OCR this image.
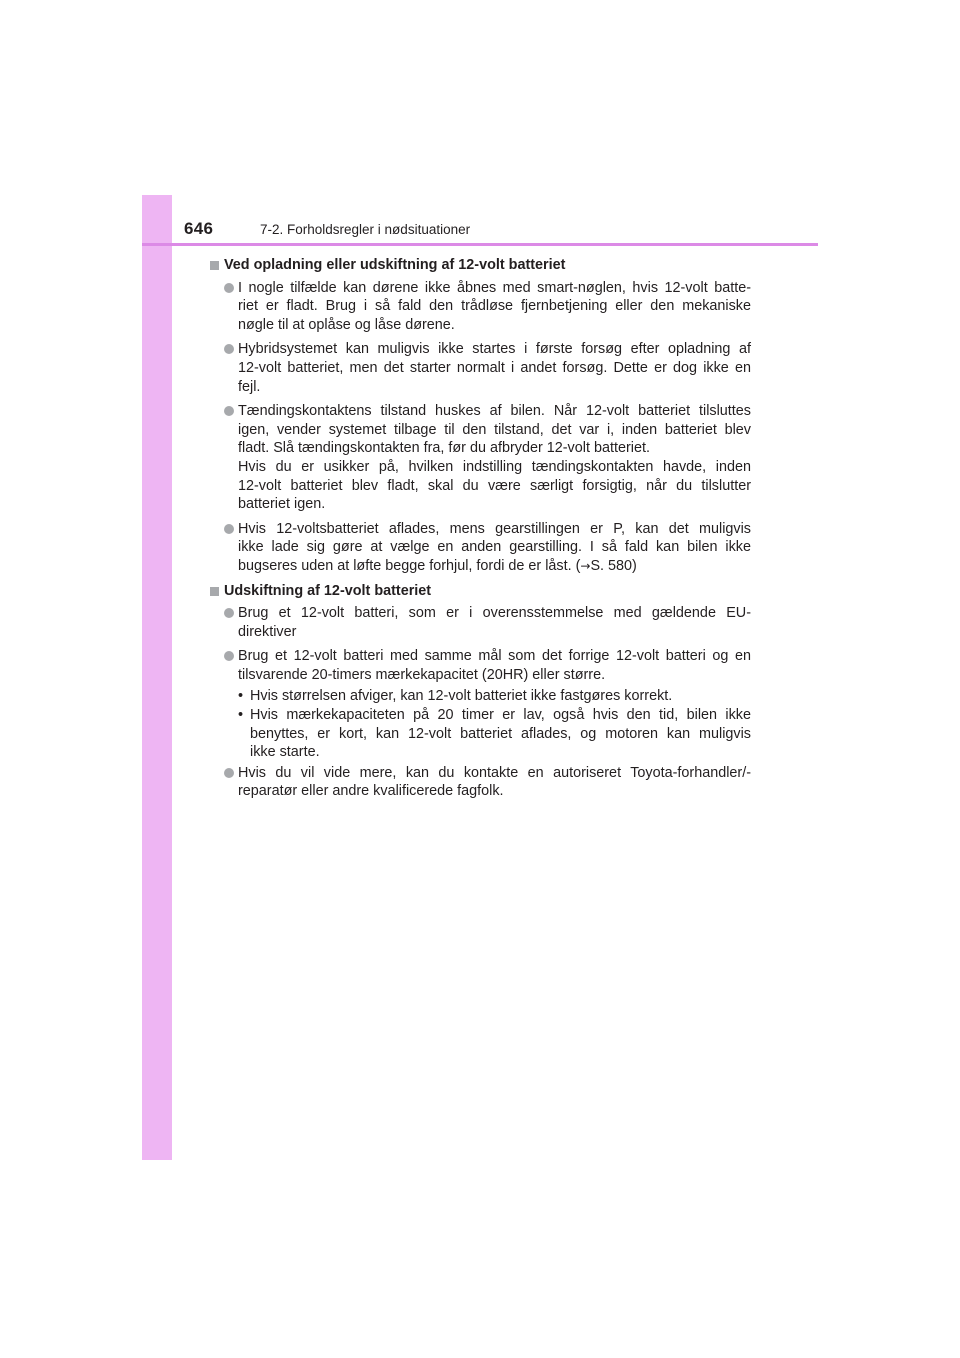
646	7-2. Forholdsregler i nødsituationer
Ved opladning eller udskiftning af 12-volt batteriet
I nogle tilfælde kan dørene ikke åbnes med smart-nøglen, hvis 12-volt batte-
riet er fladt. Brug i så fald den trådløse fjernbetjening eller den mekaniske
nøgle til at oplåse og låse dørene.
Hybridsystemet kan muligvis ikke startes i første forsøg efter opladning af
12-volt batteriet, men det starter normalt i andet forsøg. Dette er dog ikke en
fejl.
Tændingskontaktens tilstand huskes af bilen. Når 12-volt batteriet tilsluttes
igen, vender systemet tilbage til den tilstand, det var i, inden batteriet blev
fladt. Slå tændingskontakten fra, før du afbryder 12-volt batteriet.
Hvis du er usikker på, hvilken indstilling tændingskontakten havde, inden
12-volt batteriet blev fladt, skal du være særligt forsigtig, når du tilslutter
batteriet igen.
Hvis 12-voltsbatteriet aflades, mens gearstillingen er P, kan det muligvis
ikke lade sig gøre at vælge en anden gearstilling. I så fald kan bilen ikke
bugseres uden at løfte begge forhjul, fordi de er låst. (→S. 580)
Udskiftning af 12-volt batteriet
Brug et 12-volt batteri, som er i overensstemmelse med gældende EU-
direktiver
Brug et 12-volt batteri med samme mål som det forrige 12-volt batteri og en
tilsvarende 20-timers mærkekapacitet (20HR) eller større.
• Hvis størrelsen afviger, kan 12-volt batteriet ikke fastgøres korrekt.
• Hvis mærkekapaciteten på 20 timer er lav, også hvis den tid, bilen ikke
benyttes, er kort, kan 12-volt batteriet aflades, og motoren kan muligvis
ikke starte.
Hvis du vil vide mere, kan du kontakte en autoriseret Toyota-forhandler/-
reparatør eller andre kvalificerede fagfolk.
